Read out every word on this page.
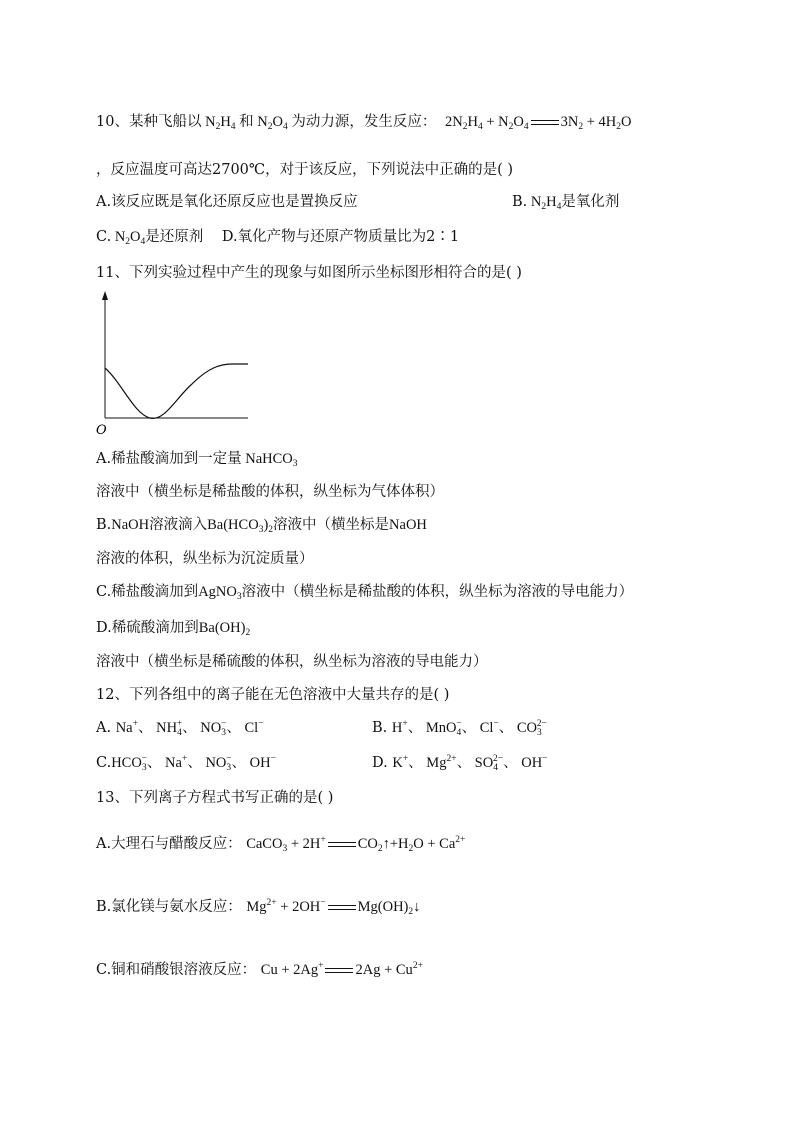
10、某种飞船以 $N_2H_4$ 和 $N_2O_4$ 为动力源，发生反应： $2N_2H_4 + N_2O_4$ $3N_2 + 4H_2O$
，反应温度可高达2700℃，对于该反应，下列说法中正确的是( )
A.该反应既是氧化还原反应也是置换反应	B. $N_2H_4$是氧化剂
C. $N_2O_4$是还原剂 D.氧化产物与还原产物质量比为2∶1
11、下列实验过程中产生的现象与如图所示坐标图形相符合的是( )
O
A.稀盐酸滴加到一定量 NaHCO$_3$
溶液中（横坐标是稀盐酸的体积，纵坐标为气体体积）
B.NaOH溶液滴入$Ba(HCO_3)_2$溶液中（横坐标是NaOH
溶液的体积，纵坐标为沉淀质量）
C.稀盐酸滴加到AgNO$_3$溶液中（横坐标是稀盐酸的体积，纵坐标为溶液的导电能力）
D.稀硫酸滴加到$Ba(OH)_2$
溶液中（横坐标是稀硫酸的体积，纵坐标为溶液的导电能力）
12、下列各组中的离子能在无色溶液中大量共存的是( )
A. Na+、 $NH_4^+$、 $NO_3^-$、 Cl−	B. H+、 MnO$_4$−、 Cl−、 $CO_3^{2-}$
$C.HCO_3^-$、 Na+、 $NO_3^-$、 OH−	D. K+、 $Mg^{2+}$、 $SO_4^{2-}$、 OH−
13、下列离子方程式书写正确的是( )
A.大理石与醋酸反应： CaCO$_3$ + 2H+ $CO_2↑+H_2O + Ca^{2+}$
B.氯化镁与氨水反应： $Mg^{2+} + 2OH^-$ $Mg(OH)_2↓$
C.铜和硝酸银溶液反应： Cu + 2Ag+ $2Ag + Cu^{2+}$
